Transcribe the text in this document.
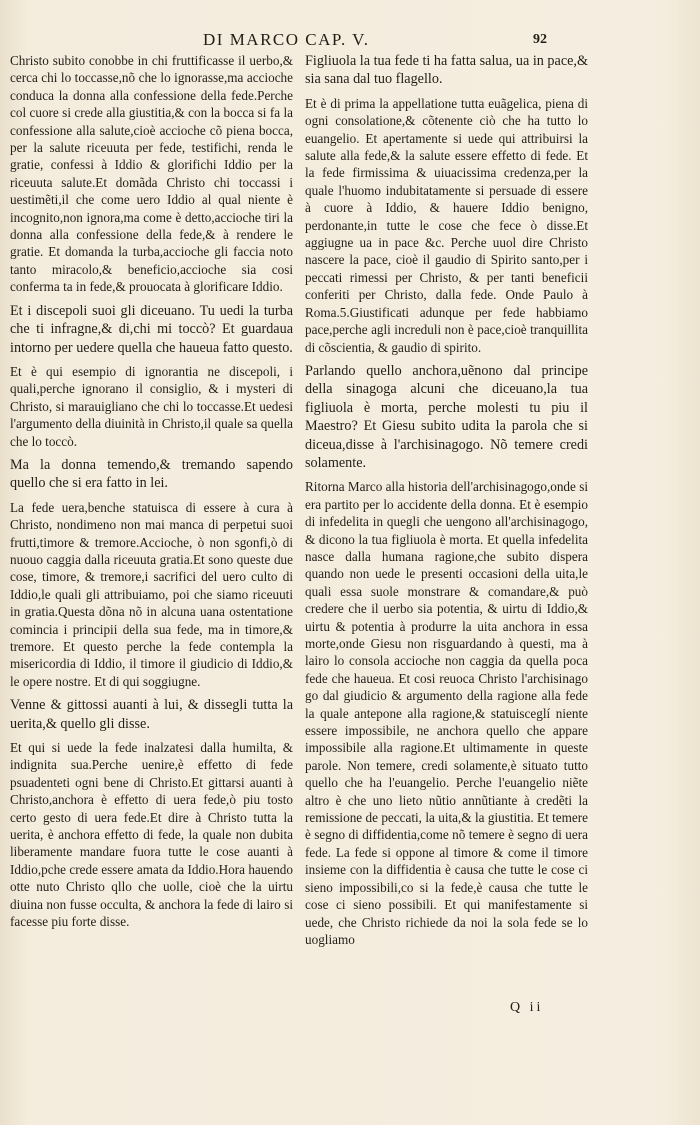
DI MARCO CAP. V.	92

Christo subito conobbe in chi fruttificasse il uerbo,& cerca chi lo toccasse,nõ che lo ignorasse,ma accioche conduca la donna alla confessione della fede.Perche col cuore si crede alla giustitia,& con la bocca si fa la confessione alla salute,cioè accioche cõ piena bocca, per la salute riceuuta per fede, testifichi, renda le gratie, confessi à Iddio & glorifichi Iddio per la riceuuta salute.Et domãda Christo chi toccassi i uestimẽti,il che come uero Iddio al qual niente è incognito,non ignora,ma come è detto,accioche tiri la donna alla confessione della fede,& à rendere le gratie. Et domanda la turba,accioche gli faccia noto tanto miracolo,& beneficio,accioche sia cosi conferma ta in fede,& prouocata à glorificare Iddio.

Et i discepoli suoi gli diceuano. Tu uedi la turba che ti infragne,& di,chi mi toccò? Et guardaua intorno per uedere quella che haueua fatto questo.

Et è qui esempio di ignorantia ne discepoli, i quali,perche ignorano il consiglio, & i mysteri di Christo, si marauigliano che chi lo toccasse.Et uedesi l'argumento della diuinità in Christo,il quale sa quella che lo toccò.

Ma la donna temendo,& tremando sapendo quello che si era fatto in lei.

La fede uera,benche statuisca di essere à cura à Christo, nondimeno non mai manca di perpetui suoi frutti,timore & tremore.Accioche, ò non sgonfi,ò di nuouo caggia dalla riceuuta gratia.Et sono queste due cose, timore, & tremore,i sacrifici del uero culto di Iddio,le quali gli attribuiamo, poi che siamo riceuuti in gratia.Questa dõna nõ in alcuna uana ostentatione comincia i principii della sua fede, ma in timore,& tremore. Et questo perche la fede contempla la misericordia di Iddio, il timore il giudicio di Iddio,& le opere nostre. Et di qui soggiugne.

Venne & gittossi auanti à lui, & dissegli tutta la uerita,& quello gli disse.

Et qui si uede la fede inalzatesi dalla humilta, & indignita sua.Perche uenire,è effetto di fede psuadenteti ogni bene di Christo.Et gittarsi auanti à Christo,anchora è effetto di uera fede,ò piu tosto certo gesto di uera fede.Et dire à Christo tutta la uerita, è anchora effetto di fede, la quale non dubita liberamente mandare fuora tutte le cose auanti à Iddio,pche crede essere amata da Iddio.Hora hauendo otte nuto Christo qllo che uolle, cioè che la uirtu diuina non fusse occulta, & anchora la fede di lairo si facesse piu forte disse.

Figliuola la tua fede ti ha fatta salua, ua in pace,& sia sana dal tuo flagello.

Et è di prima la appellatione tutta euãgelica, piena di ogni consolatione,& cõtenente ciò che ha tutto lo euangelio. Et apertamente si uede qui attribuirsi la salute alla fede,& la salute essere effetto di fede. Et la fede firmissima & uiuacissima credenza,per la quale l'huomo indubitatamente si persuade di essere à cuore à Iddio, & hauere Iddio benigno, perdonante,in tutte le cose che fece ò disse.Et aggiugne ua in pace &c. Perche uuol dire Christo nascere la pace, cioè il gaudio di Spirito santo,per i peccati rimessi per Christo, & per tanti beneficii conferiti per Christo, dalla fede. Onde Paulo à Roma.5.Giustificati adunque per fede habbiamo pace,perche agli increduli non è pace,cioè tranquillita di cõscientia, & gaudio di spirito.

Parlando quello anchora,uẽnono dal principe della sinagoga alcuni che diceuano,la tua figliuola è morta, perche molesti tu piu il Maestro? Et Giesu subito udita la parola che si diceua,disse à l'archisinagogo. Nõ temere credi solamente.

Ritorna Marco alla historia dell'archisinagogo,onde si era partito per lo accidente della donna. Et è esempio di infedelita in quegli che uengono all'archisinagogo, & dicono la tua figliuola è morta. Et quella infedelita nasce dalla humana ragione,che subito dispera quando non uede le presenti occasioni della uita,le quali essa suole monstrare & comandare,& può credere che il uerbo sia potentia, & uirtu di Iddio,& uirtu & potentia à produrre la uita anchora in essa morte,onde Giesu non risguardando à questi, ma à lairo lo consola accioche non caggia da quella poca fede che haueua. Et cosi reuoca Christo l'archisinago go dal giudicio & argumento della ragione alla fede la quale antepone alla ragione,& statuisceglí niente essere impossibile, ne anchora quello che appare impossibile alla ragione.Et ultimamente in queste parole. Non temere, credi solamente,è situato tutto quello che ha l'euangelio. Perche l'euangelio niẽte altro è che uno lieto nũtio annũtiante à credẽti la remissione de peccati, la uita,& la giustitia. Et temere è segno di diffidentia,come nõ temere è segno di uera fede. La fede si oppone al timore & come il timore insieme con la diffidentia è causa che tutte le cose ci sieno impossibili,co si la fede,è causa che tutte le cose ci sieno possibili. Et qui manifestamente si uede, che Christo richiede da noi la sola fede se lo uogliamo

Q ii
